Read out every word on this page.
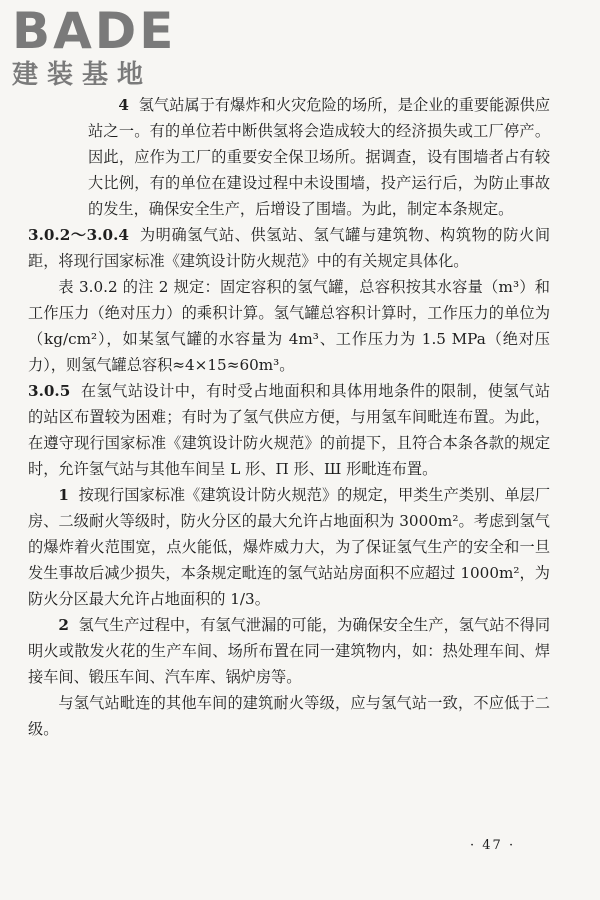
BADE
建装基地

4 氢气站属于有爆炸和火灾危险的场所，是企业的重要能源供应站之一。有的单位若中断供氢将会造成较大的经济损失或工厂停产。因此，应作为工厂的重要安全保卫场所。据调查，设有围墙者占有较大比例，有的单位在建设过程中未设围墙，投产运行后，为防止事故的发生，确保安全生产，后增设了围墙。为此，制定本条规定。

3.0.2～3.0.4 为明确氢气站、供氢站、氢气罐与建筑物、构筑物的防火间距，将现行国家标准《建筑设计防火规范》中的有关规定具体化。

表 3.0.2 的注 2 规定：固定容积的氢气罐，总容积按其水容量（m³）和工作压力（绝对压力）的乘积计算。氢气罐总容积计算时，工作压力的单位为（kg/cm²），如某氢气罐的水容量为 4m³、工作压力为 1.5 MPa（绝对压力），则氢气罐总容积≈4×15≈60m³。

3.0.5 在氢气站设计中，有时受占地面积和具体用地条件的限制，使氢气站的站区布置较为困难；有时为了氢气供应方便，与用氢车间毗连布置。为此，在遵守现行国家标准《建筑设计防火规范》的前提下，且符合本条各款的规定时，允许氢气站与其他车间呈 L 形、Π 形、Ш 形毗连布置。

1 按现行国家标准《建筑设计防火规范》的规定，甲类生产类别、单层厂房、二级耐火等级时，防火分区的最大允许占地面积为 3000m²。考虑到氢气的爆炸着火范围宽，点火能低，爆炸威力大，为了保证氢气生产的安全和一旦发生事故后减少损失，本条规定毗连的氢气站站房面积不应超过 1000m²，为防火分区最大允许占地面积的 1/3。

2 氢气生产过程中，有氢气泄漏的可能，为确保安全生产，氢气站不得同明火或散发火花的生产车间、场所布置在同一建筑物内，如：热处理车间、焊接车间、锻压车间、汽车库、锅炉房等。

与氢气站毗连的其他车间的建筑耐火等级，应与氢气站一致，不应低于二级。

· 47 ·
